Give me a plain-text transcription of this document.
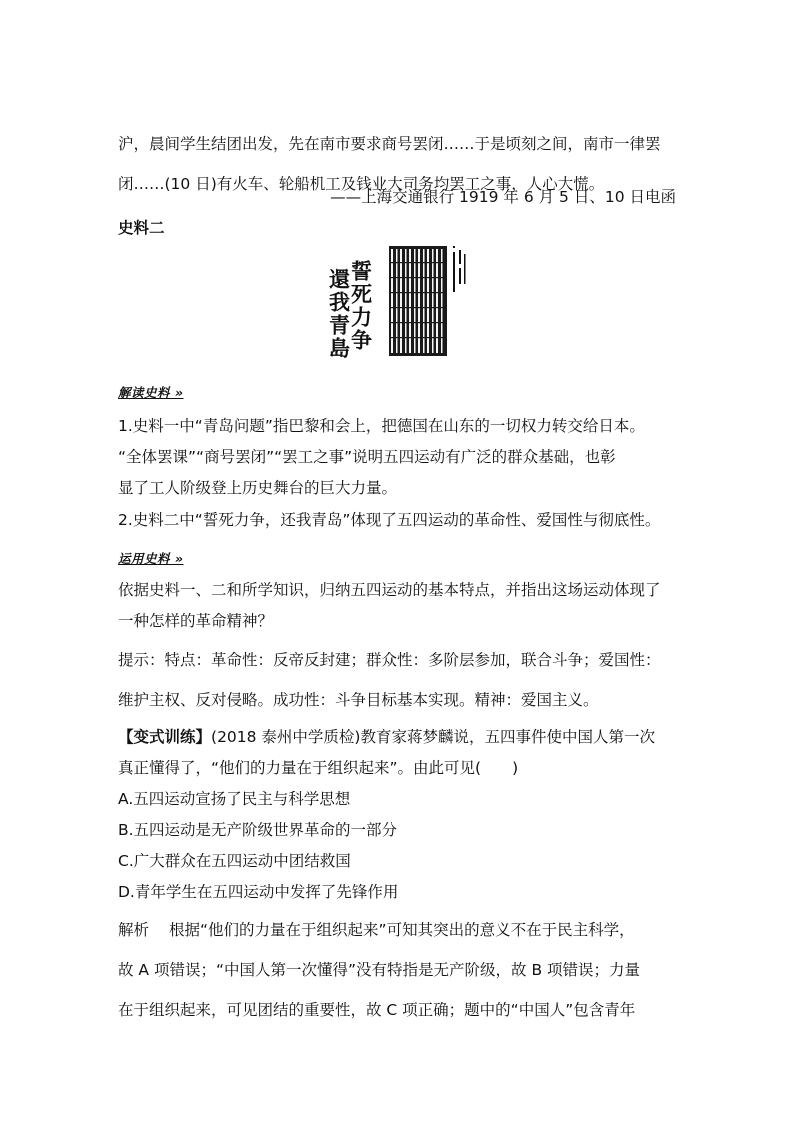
沪，晨间学生结团出发，先在南市要求商号罢闭……于是顷刻之间，南市一律罢
闭……(10 日)有火车、轮船机工及钱业大司务均罢工之事，人心大慌。
——上海交通银行 1919 年 6 月 5 日、10 日电函
史料二
誓死力争
還我青島
解读史料 »
1.史料一中“青岛问题”指巴黎和会上，把德国在山东的一切权力转交给日本。
“全体罢课”“商号罢闭”“罢工之事”说明五四运动有广泛的群众基础，也彰
显了工人阶级登上历史舞台的巨大力量。
2.史料二中“誓死力争，还我青岛”体现了五四运动的革命性、爱国性与彻底性。
运用史料 »
依据史料一、二和所学知识，归纳五四运动的基本特点，并指出这场运动体现了
一种怎样的革命精神？
提示：特点：革命性：反帝反封建；群众性：多阶层参加，联合斗争；爱国性：
维护主权、反对侵略。成功性：斗争目标基本实现。精神：爱国主义。
【变式训练】(2018 泰州中学质检)教育家蒋梦麟说，五四事件使中国人第一次
真正懂得了，“他们的力量在于组织起来”。由此可见(　　)
A.五四运动宣扬了民主与科学思想
B.五四运动是无产阶级世界革命的一部分
C.广大群众在五四运动中团结救国
D.青年学生在五四运动中发挥了先锋作用
解析 根据“他们的力量在于组织起来”可知其突出的意义不在于民主科学，
故 A 项错误；“中国人第一次懂得”没有特指是无产阶级，故 B 项错误；力量
在于组织起来，可见团结的重要性，故 C 项正确；题中的“中国人”包含青年
